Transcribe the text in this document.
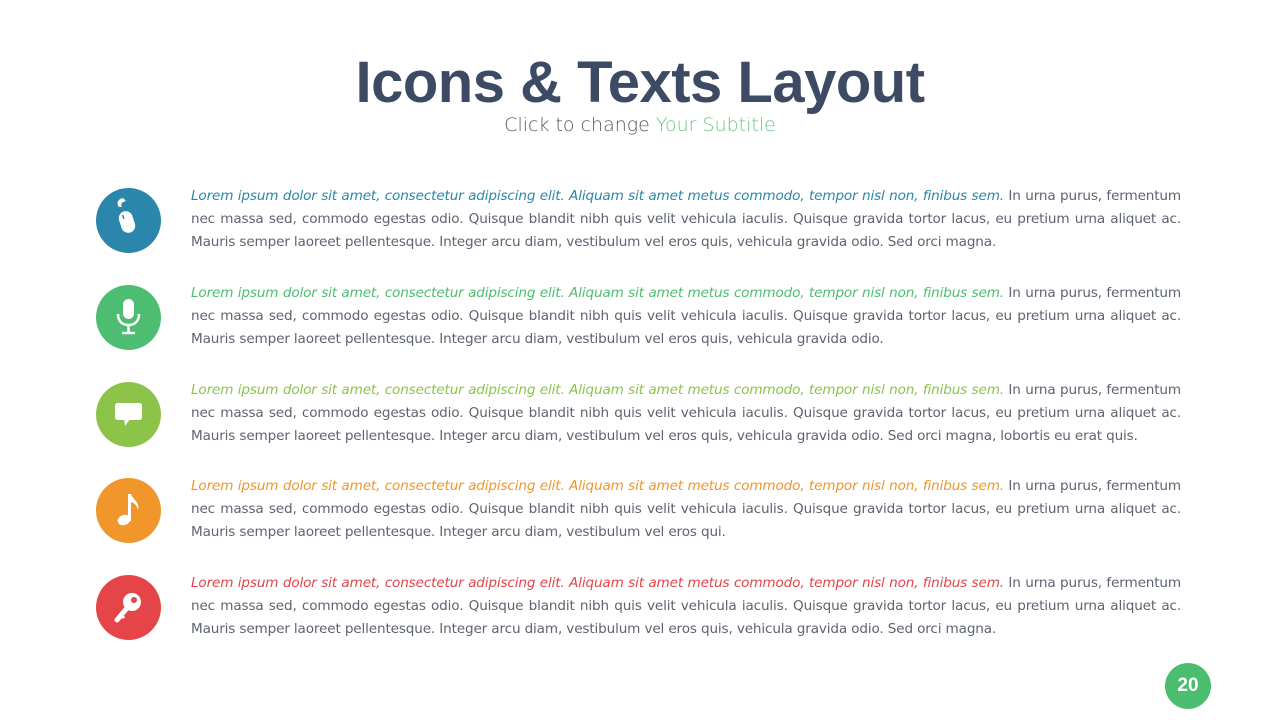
Icons & Texts Layout
Click to change Your Subtitle
Lorem ipsum dolor sit amet, consectetur adipiscing elit. Aliquam sit amet metus commodo, tempor nisl non, finibus sem. In urna purus, fermentum nec massa sed, commodo egestas odio. Quisque blandit nibh quis velit vehicula iaculis. Quisque gravida tortor lacus, eu pretium urna aliquet ac. Mauris semper laoreet pellentesque. Integer arcu diam, vestibulum vel eros quis, vehicula gravida odio. Sed orci magna.
Lorem ipsum dolor sit amet, consectetur adipiscing elit. Aliquam sit amet metus commodo, tempor nisl non, finibus sem. In urna purus, fermentum nec massa sed, commodo egestas odio. Quisque blandit nibh quis velit vehicula iaculis. Quisque gravida tortor lacus, eu pretium urna aliquet ac. Mauris semper laoreet pellentesque. Integer arcu diam, vestibulum vel eros quis, vehicula gravida odio.
Lorem ipsum dolor sit amet, consectetur adipiscing elit. Aliquam sit amet metus commodo, tempor nisl non, finibus sem. In urna purus, fermentum nec massa sed, commodo egestas odio. Quisque blandit nibh quis velit vehicula iaculis. Quisque gravida tortor lacus, eu pretium urna aliquet ac. Mauris semper laoreet pellentesque. Integer arcu diam, vestibulum vel eros quis, vehicula gravida odio. Sed orci magna, lobortis eu erat quis.
Lorem ipsum dolor sit amet, consectetur adipiscing elit. Aliquam sit amet metus commodo, tempor nisl non, finibus sem. In urna purus, fermentum nec massa sed, commodo egestas odio. Quisque blandit nibh quis velit vehicula iaculis. Quisque gravida tortor lacus, eu pretium urna aliquet ac. Mauris semper laoreet pellentesque. Integer arcu diam, vestibulum vel eros qui.
Lorem ipsum dolor sit amet, consectetur adipiscing elit. Aliquam sit amet metus commodo, tempor nisl non, finibus sem. In urna purus, fermentum nec massa sed, commodo egestas odio. Quisque blandit nibh quis velit vehicula iaculis. Quisque gravida tortor lacus, eu pretium urna aliquet ac. Mauris semper laoreet pellentesque. Integer arcu diam, vestibulum vel eros quis, vehicula gravida odio. Sed orci magna.
20
